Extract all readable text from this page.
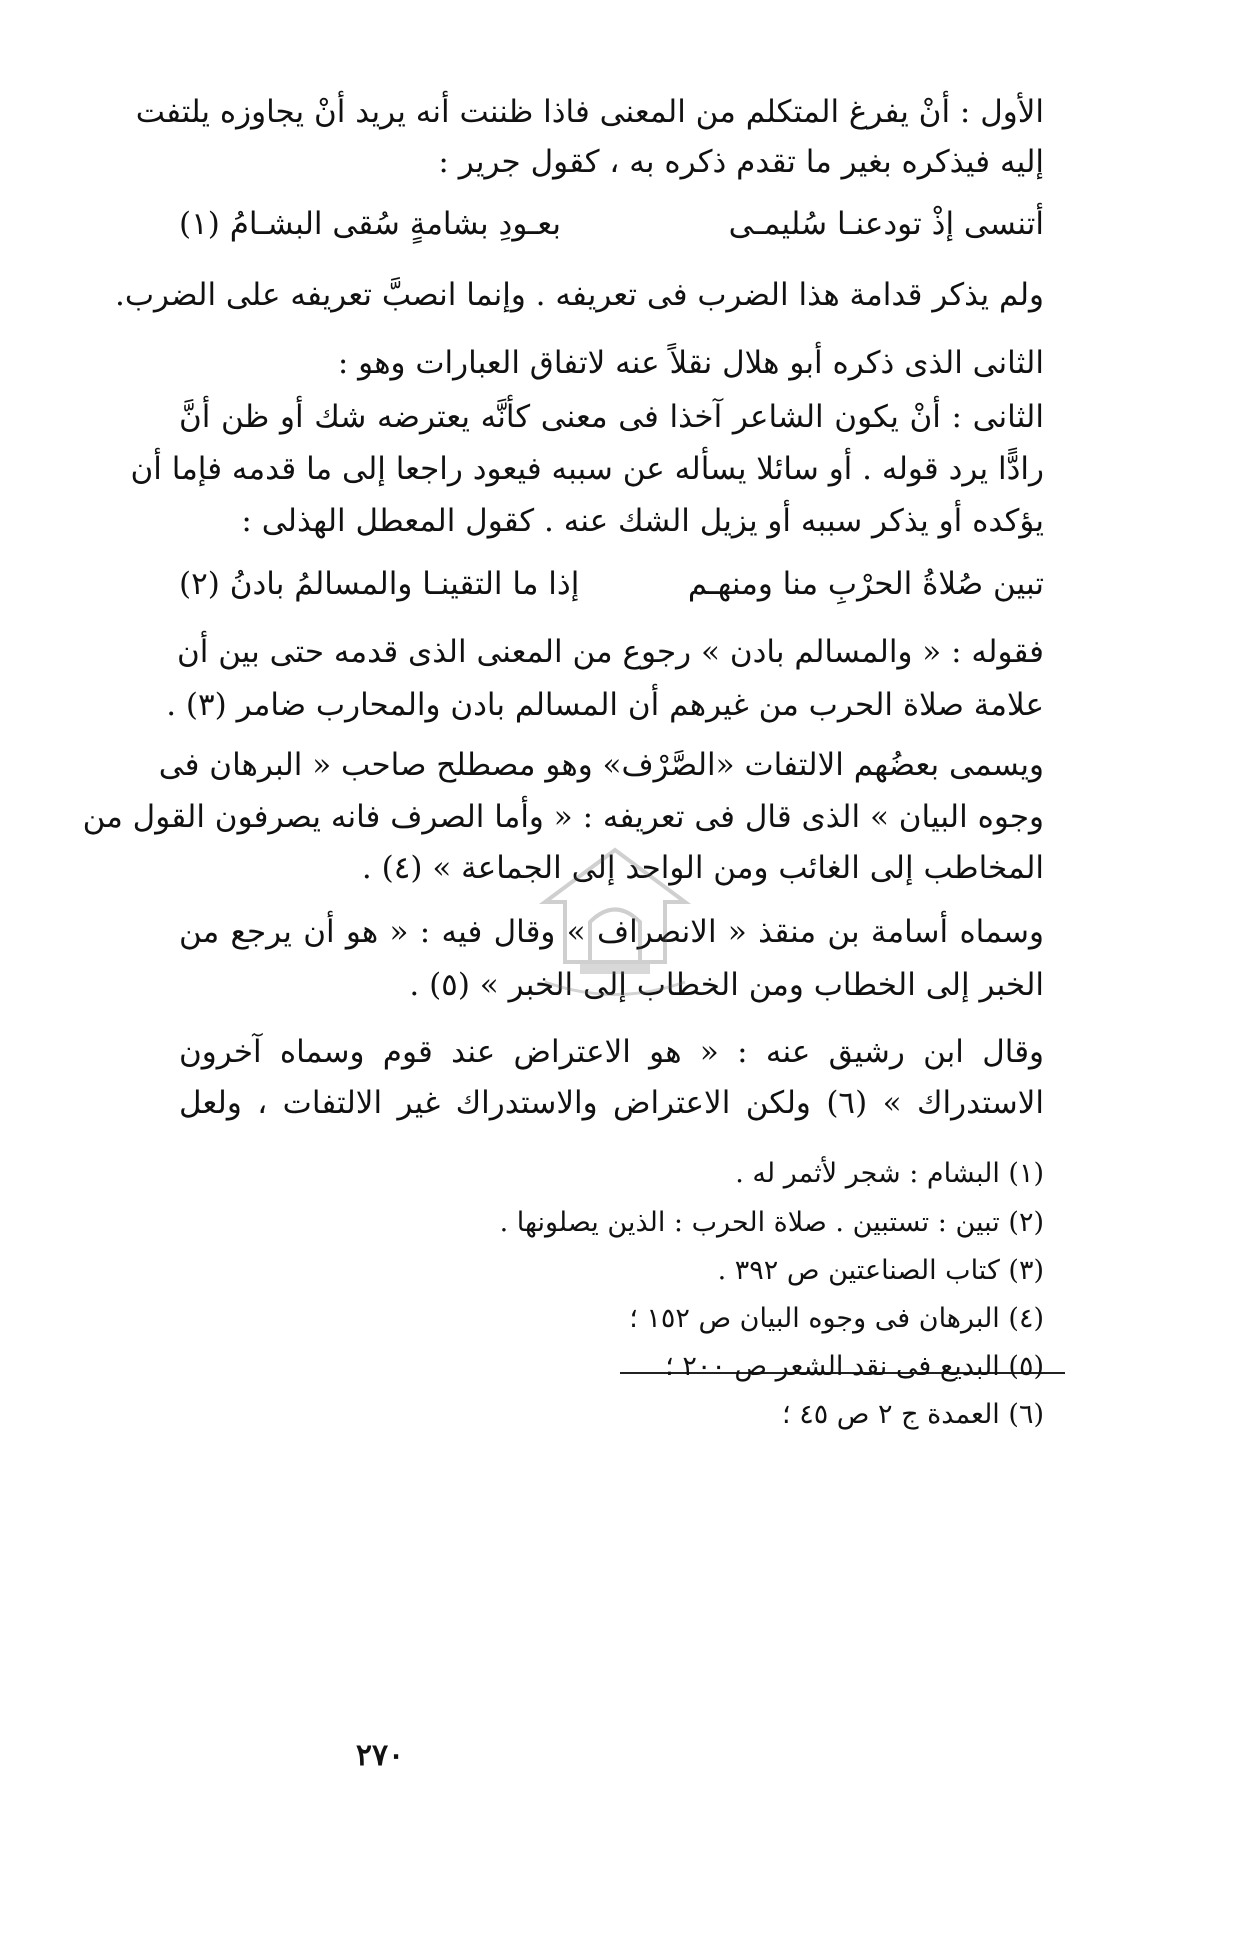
الأول : أنْ يفرغ المتكلم من المعنى فاذا ظننت أنه يريد أنْ يجاوزه يلتفت
إليه فيذكره بغير ما تقدم ذكره به ، كقول جرير :
أتنسى إذْ تودعنـا سُليمـى
بعـودِ بشامةٍ سُقى البشـامُ (١)
ولم يذكر قدامة هذا الضرب فى تعريفه . وإنما انصبَّ تعريفه على الضرب.
الثانى الذى ذكره أبو هلال نقلاً عنه لاتفاق العبارات وهو :
الثانى : أنْ يكون الشاعر آخذا فى معنى كأنَّه يعترضه شك أو ظن أنَّ
رادًّا يرد قوله . أو سائلا يسأله عن سببه فيعود راجعا إلى ما قدمه فإما أن
يؤكده أو يذكر سببه أو يزيل الشك عنه . كقول المعطل الهذلى :
تبين صُلاةُ الحرْبِ منا ومنهـم
إذا ما التقينـا والمسالمُ بادنُ (٢)
فقوله : « والمسالم بادن » رجوع من المعنى الذى قدمه حتى بين أن
علامة صلاة الحرب من غيرهم أن المسالم بادن والمحارب ضامر (٣) .
ويسمى بعضُهم الالتفات «الصَّرْف» وهو مصطلح صاحب « البرهان فى
وجوه البيان » الذى قال فى تعريفه : « وأما الصرف فانه يصرفون القول من
المخاطب إلى الغائب ومن الواحد إلى الجماعة » (٤) .
وسماه أسامة بن منقذ « الانصراف » وقال فيه : « هو أن يرجع من
الخبر إلى الخطاب ومن الخطاب إلى الخبر » (٥) .
وقال ابن رشيق عنه : « هو الاعتراض عند قوم وسماه آخرون
الاستدراك » (٦) ولكن الاعتراض والاستدراك غير الالتفات ، ولعل
(١) البشام : شجر لأثمر له .
(٢) تبين : تستبين . صلاة الحرب : الذين يصلونها .
(٣) كتاب الصناعتين ص ٣٩٢ .
(٤) البرهان فى وجوه البيان ص ١٥٢ ؛
(٥) البديع فى نقد الشعر ص ٢٠٠ ؛
(٦) العمدة ج ٢ ص ٤٥ ؛
٢٧٠
